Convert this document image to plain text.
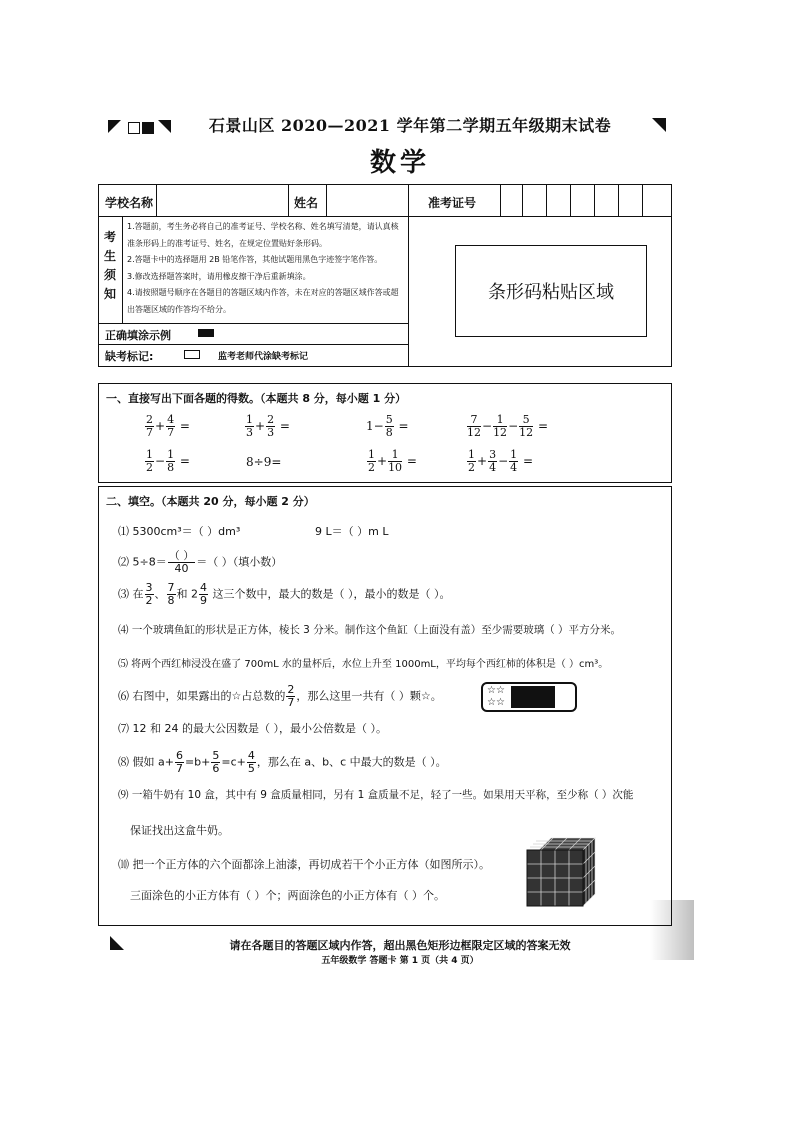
石景山区 2020—2021 学年第二学期五年级期末试卷
数学
学校名称	姓名	准考证号
考
生
须
知
1.答题前，考生务必将自己的准考证号、学校名称、姓名填写清楚，请认真核
准条形码上的准考证号、姓名，在规定位置贴好条形码。
2.答题卡中的选择题用 2B 铅笔作答，其他试题用黑色字迹签字笔作答。
3.修改选择题答案时，请用橡皮擦干净后重新填涂。
4.请按照题号顺序在各题目的答题区域内作答，未在对应的答题区域作答或超
出答题区域的作答均不给分。
条形码粘贴区域
正确填涂示例
缺考标记:	监考老师代涂缺考标记
一、直接写出下面各题的得数。（本题共 8 分，每小题 1 分）
$\frac{2}{7} + \frac{4}{7}$ =	$\frac{1}{3} + \frac{2}{3}$ =	$1- \frac{5}{8}$ =	$\frac{7}{12} - \frac{1}{12} - \frac{5}{12}$ =
$\frac{1}{2} - \frac{1}{8}$ =	8÷9=	$\frac{1}{2} + \frac{1}{10}$ =	$\frac{1}{2} + \frac{3}{4} - \frac{1}{4}$ =
二、填空。（本题共 20 分，每小题 2 分）
⑴ 5300cm³＝（ ）dm³	9 L＝（ ）m L
⑵ $5\div 8= \frac{( )}{40}$ ＝（ ）（填小数）
⑶ 在 $\frac{3}{2}$ 、 $\frac{7}{8}$ 和 $2 \frac{4}{9}$ 这三个数中，最大的数是（ ），最小的数是（ ）。
⑷ 一个玻璃鱼缸的形状是正方体，棱长 3 分米。制作这个鱼缸（上面没有盖）至少需要玻璃（ ）平方分米。
⑸ 将两个西红柿浸没在盛了 700mL 水的量杯后，水位上升至 1000mL，平均每个西红柿的体积是（ ）cm³。
⑹ 右图中，如果露出的☆占总数的 $\frac{2}{7}$ ，那么这里一共有（ ）颗☆。	☆☆
☆☆
⑺ 12 和 24 的最大公因数是（ ），最小公倍数是（ ）。
⑻ 假如 $a+ \frac{6}{7} =b+ \frac{5}{6} =c+ \frac{4}{5}$ ，那么在 a、b、c 中最大的数是（ ）。
⑼ 一箱牛奶有 10 盒，其中有 9 盒质量相同，另有 1 盒质量不足，轻了一些。如果用天平称，至少称（ ）次能
保证找出这盒牛奶。
⑽ 把一个正方体的六个面都涂上油漆，再切成若干个小正方体（如图所示）。
三面涂色的小正方体有（ ）个；两面涂色的小正方体有（ ）个。
请在各题目的答题区域内作答，超出黑色矩形边框限定区域的答案无效
五年级数学 答题卡 第 1 页（共 4 页）
